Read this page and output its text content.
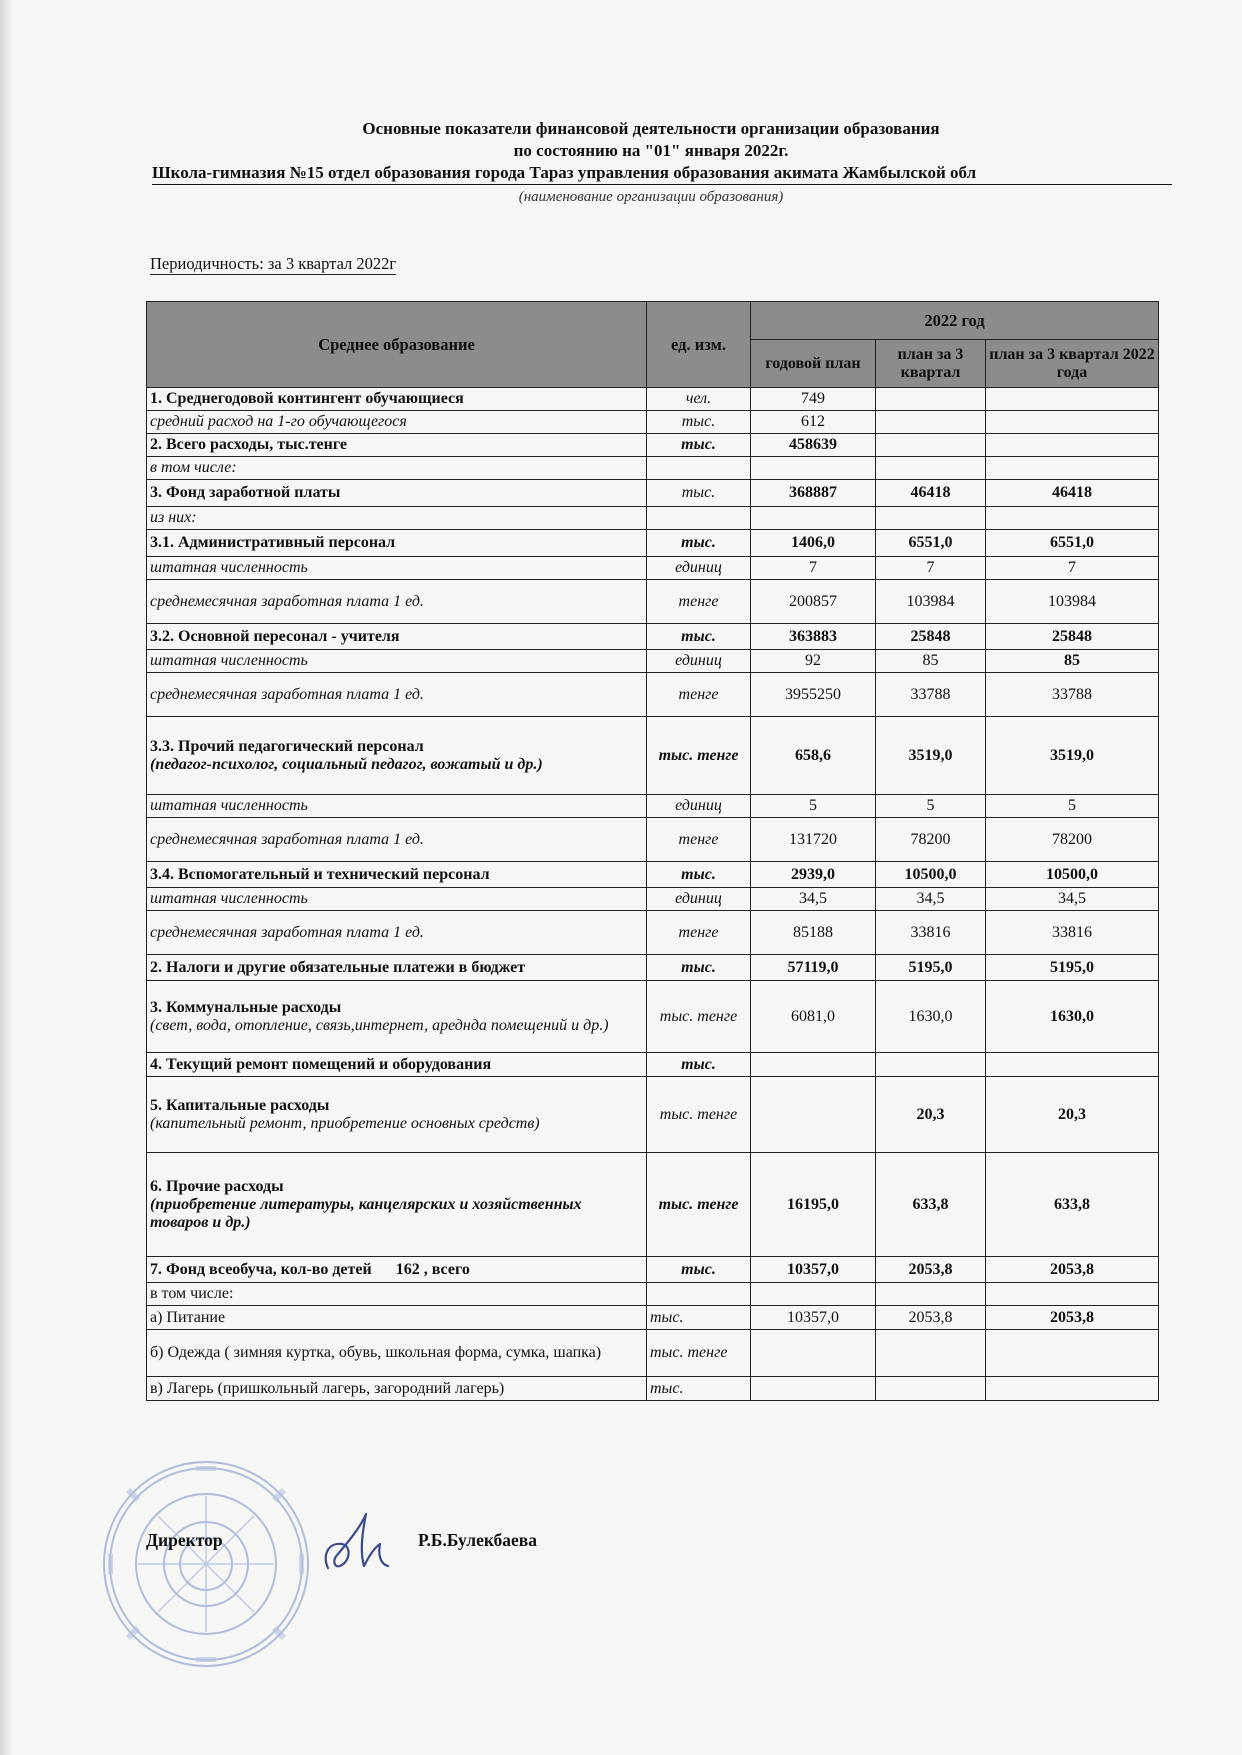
Основные показатели финансовой деятельности организации образования
по состоянию на "01" января 2022г.
Школа-гимназия №15 отдел образования города Тараз управления образования акимата Жамбылской обл
(наименование организации образования)
Периодичность: за 3 квартал 2022г
Среднее образование	ед. изм.	2022 год		
		годовой план	план за 3 квартал	план за 3 квартал 2022 года
1. Среднегодовой контингент обучающиеся	чел.	749		
средний расход на 1-го обучающегося	тыс.	612		
2. Всего расходы, тыс.тенге	тыс.	458639		
в том числе:				
3. Фонд заработной платы	тыс.	368887	46418	46418
из них:				
3.1. Административный персонал	тыс.	1406,0	6551,0	6551,0
штатная численность	единиц	7	7	7
среднемесячная заработная плата 1 ед.	тенге	200857	103984	103984
3.2. Основной пересонал - учителя	тыс.	363883	25848	25848
штатная численность	единиц	92	85	85
среднемесячная заработная плата 1 ед.	тенге	3955250	33788	33788
3.3. Прочий педагогический персонал
(педагог-психолог, социальный педагог, вожатый и др.)	тыс. тенге	658,6	3519,0	3519,0
штатная численность	единиц	5	5	5
среднемесячная заработная плата 1 ед.	тенге	131720	78200	78200
3.4. Вспомогательный и технический персонал	тыс.	2939,0	10500,0	10500,0
штатная численность	единиц	34,5	34,5	34,5
среднемесячная заработная плата 1 ед.	тенге	85188	33816	33816
2. Налоги и другие обязательные платежи в бюджет	тыс.	57119,0	5195,0	5195,0
3. Коммунальные расходы
(свет, вода, отопление, связь,интернет, ареднда помещений и др.)	тыс. тенге	6081,0	1630,0	1630,0
4. Текущий ремонт помещений и оборудования	тыс.			
5. Капитальные расходы
(капительный ремонт, приобретение основных средств)	тыс. тенге		20,3	20,3
6. Прочие расходы
(приобретение литературы, канцелярских и хозяйственных товаров и др.)	тыс. тенге	16195,0	633,8	633,8
7. Фонд всеобуча, кол-во детей      162 , всего	тыс.	10357,0	2053,8	2053,8
в том числе:				
а) Питание	тыс.	10357,0	2053,8	2053,8
б) Одежда ( зимняя куртка, обувь, школьная форма, сумка, шапка)	тыс. тенге			
в) Лагерь (пришкольный лагерь, загородний лагерь)	тыс.			
Директор	Р.Б.Булекбаева
